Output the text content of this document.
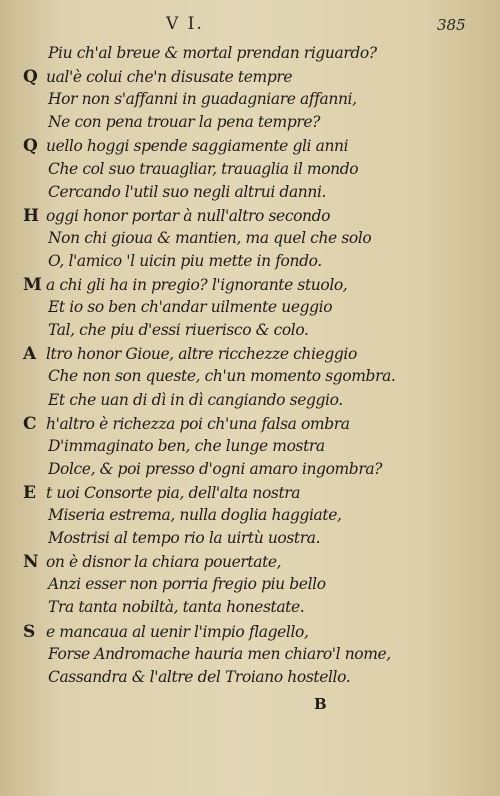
V I.	385
Piu ch'al breue & mortal prendan riguardo?
Q ual'è colui che'n disusate tempre
Hor non s'affanni in guadagniare affanni,
Ne con pena trouar la pena tempre?
Q uello hoggi spende saggiamente gli anni
Che col suo trauagliar, trauaglia il mondo
Cercando l'util suo negli altrui danni.
H oggi honor portar à null'altro secondo
Non chi gioua & mantien, ma quel che solo
O, l'amico 'l uicin piu mette in fondo.
M a chi gli ha in pregio? l'ignorante stuolo,
Et io so ben ch'andar uilmente ueggio
Tal, che piu d'essi riuerisco & colo.
A ltro honor Gioue, altre ricchezze chieggio
Che non son queste, ch'un momento sgombra.
Et che uan di dì in dì cangiando seggio.
C h'altro è richezza poi ch'una falsa ombra
D'immaginato ben, che lunge mostra
Dolce, & poi presso d'ogni amaro ingombra?
E t uoi Consorte pia, dell'alta nostra
Miseria estrema, nulla doglia haggiate,
Mostrisi al tempo rio la uirtù uostra.
N on è disnor la chiara pouertate,
Anzi esser non porria fregio piu bello
Tra tanta nobiltà, tanta honestate.
S e mancaua al uenir l'impio flagello,
Forse Andromache hauria men chiaro'l nome,
Cassandra & l'altre del Troiano hostello.
B
